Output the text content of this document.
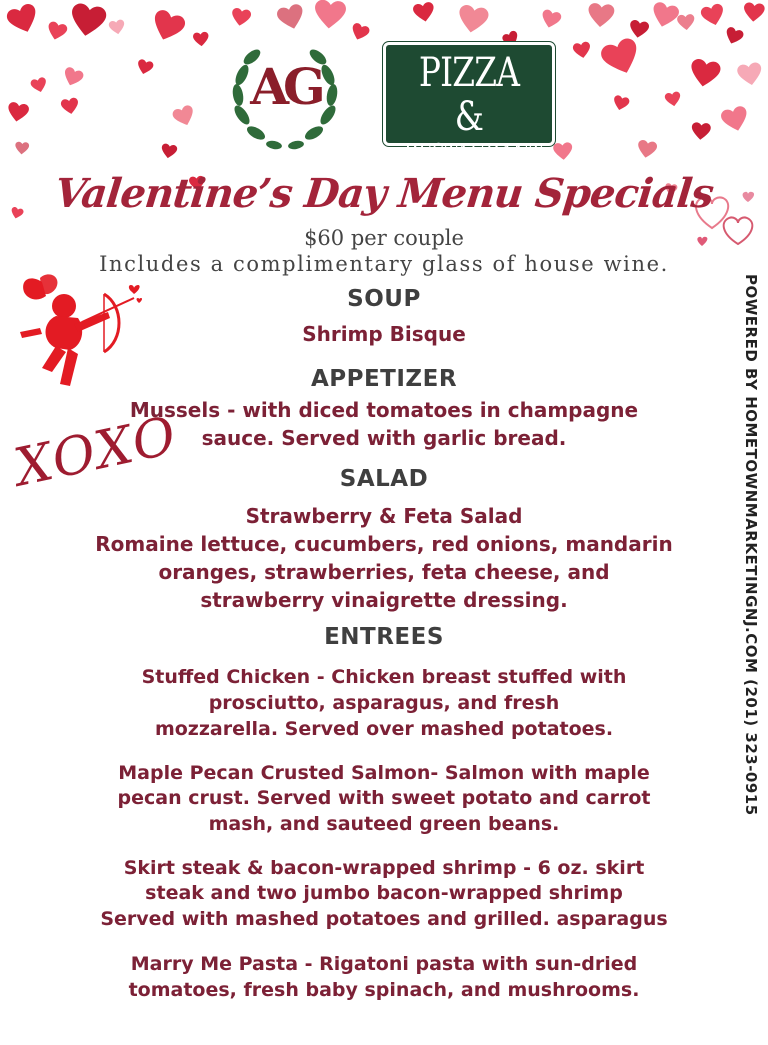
AG	PIZZA &
RESTAURANT
Valentine’s Day Menu Specials
$60 per couple
Includes a complimentary glass of house wine.
XOXO	POWERED BY HOMETOWNMARKETINGNJ.COM (201) 323-0915
SOUP
Shrimp Bisque
APPETIZER
Mussels - with diced tomatoes in champagne
sauce. Served with garlic bread.
SALAD
Strawberry & Feta Salad
Romaine lettuce, cucumbers, red onions, mandarin
oranges, strawberries, feta cheese, and
strawberry vinaigrette dressing.
ENTREES
Stuffed Chicken - Chicken breast stuffed with
prosciutto, asparagus, and fresh
mozzarella. Served over mashed potatoes.
Maple Pecan Crusted Salmon- Salmon with maple
pecan crust. Served with sweet potato and carrot
mash, and sauteed green beans.
Skirt steak & bacon-wrapped shrimp - 6 oz. skirt
steak and two jumbo bacon-wrapped shrimp
Served with mashed potatoes and grilled. asparagus
Marry Me Pasta - Rigatoni pasta with sun-dried
tomatoes, fresh baby spinach, and mushrooms.
